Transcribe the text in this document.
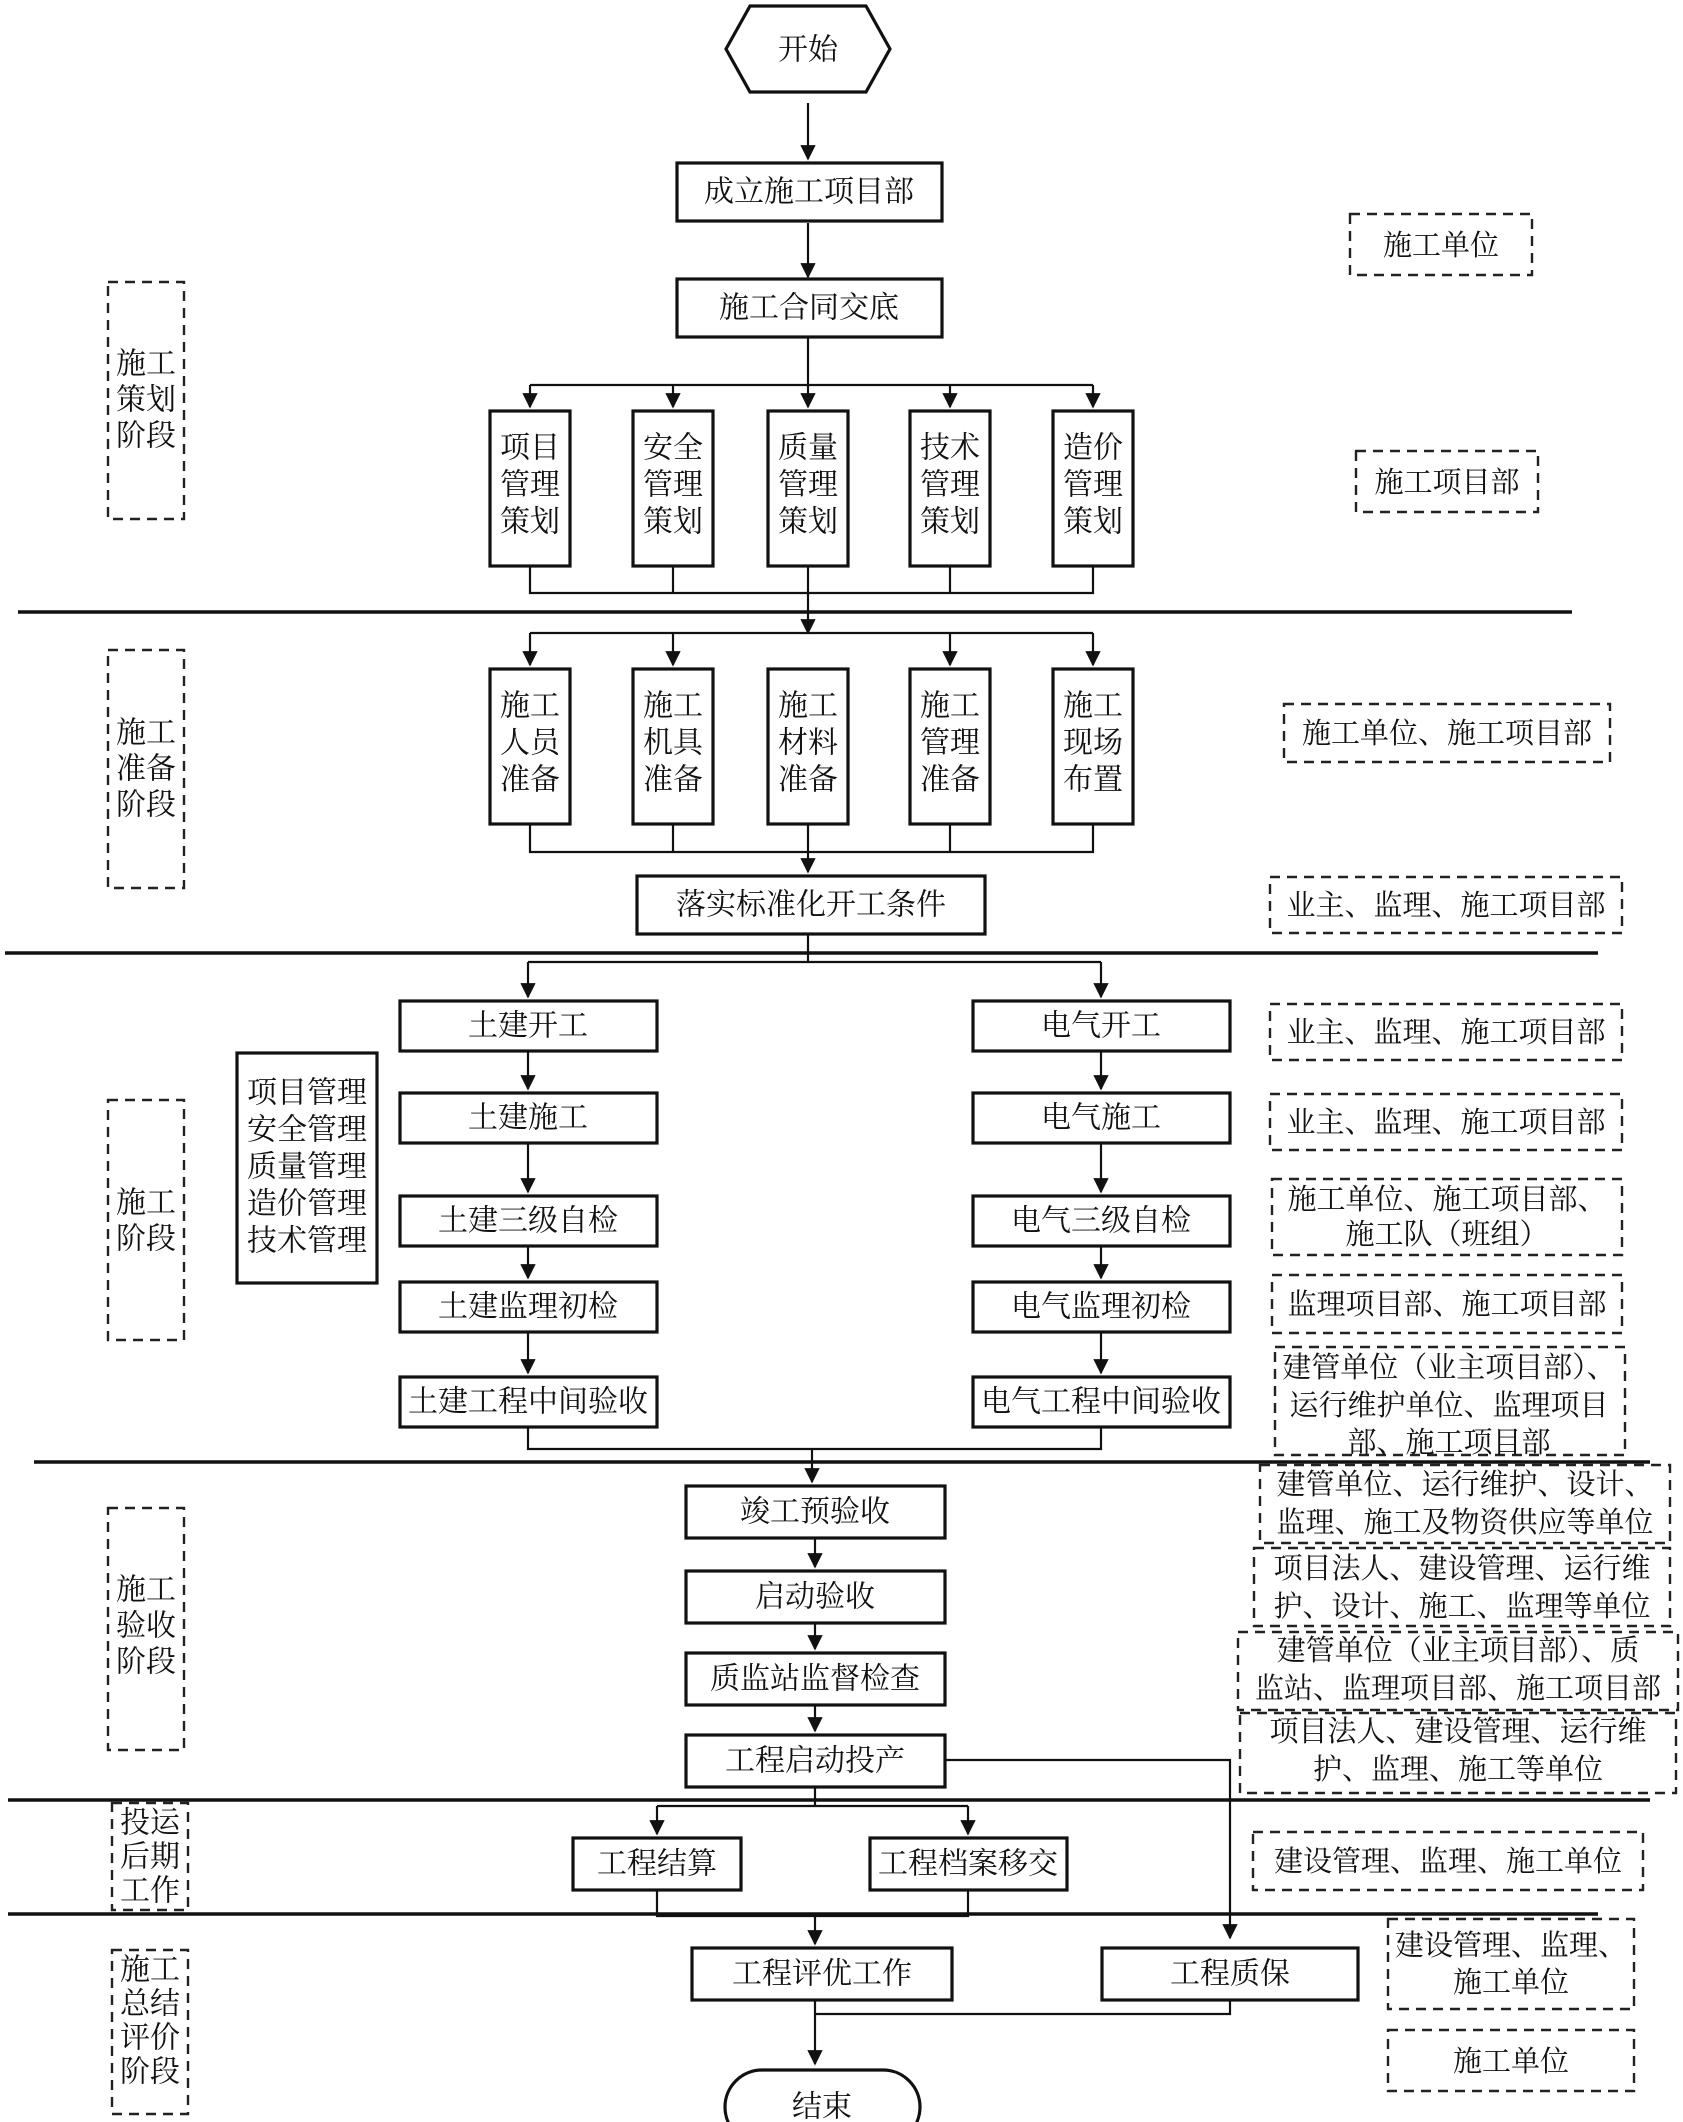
开始
结束
施工
策划
阶段
施工
准备
阶段
施工
阶段
施工
验收
阶段
投运
后期
工作
施工
总结
评价
阶段
成立施工项目部
施工合同交底
项目
管理
策划
安全
管理
策划
质量
管理
策划
技术
管理
策划
造价
管理
策划
施工
人员
准备
施工
机具
准备
施工
材料
准备
施工
管理
准备
施工
现场
布置
落实标准化开工条件
土建开工
土建施工
土建三级自检
土建监理初检
土建工程中间验收
电气开工
电气施工
电气三级自检
电气监理初检
电气工程中间验收
项目管理
安全管理
质量管理
造价管理
技术管理
竣工预验收
启动验收
质监站监督检查
工程启动投产
工程结算	工程档案移交
工程评优工作	工程质保
施工单位
施工项目部
施工单位、施工项目部
业主、监理、施工项目部
业主、监理、施工项目部
业主、监理、施工项目部
施工单位、施工项目部、
施工队（班组）
监理项目部、施工项目部
建管单位（业主项目部）、
运行维护单位、监理项目
部、施工项目部
建管单位、运行维护、设计、
监理、施工及物资供应等单位
项目法人、建设管理、运行维
护、设计、施工、监理等单位
建管单位（业主项目部）、质
监站、监理项目部、施工项目部
项目法人、建设管理、运行维
护、监理、施工等单位
建设管理、监理、施工单位
建设管理、监理、
施工单位
施工单位
